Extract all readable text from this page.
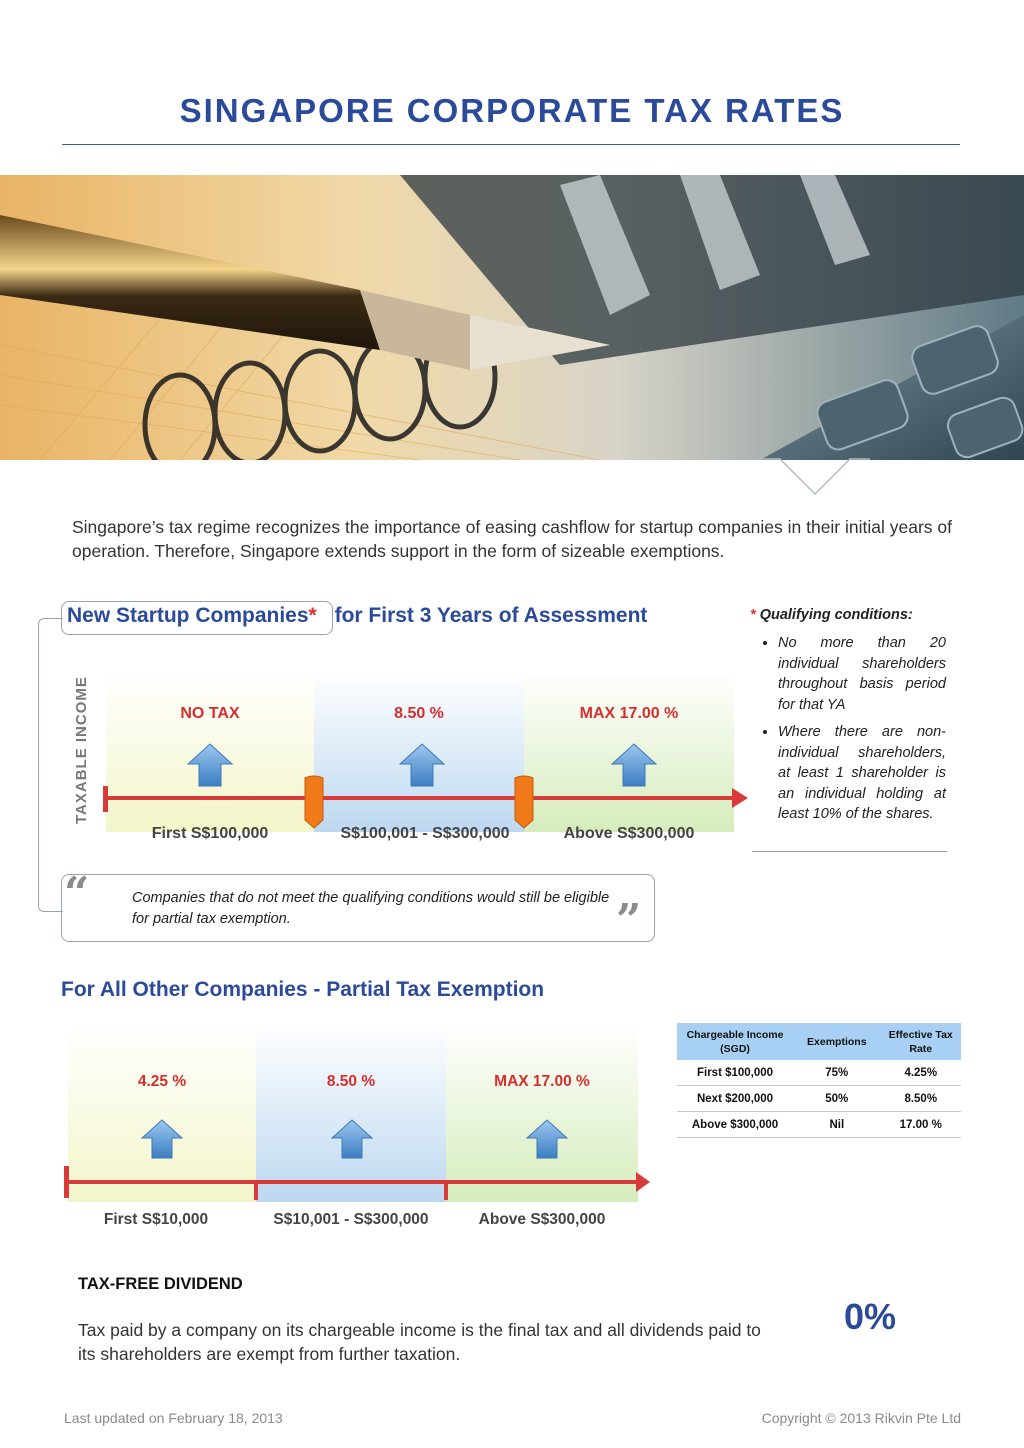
SINGAPORE CORPORATE TAX RATES
Singapore’s tax regime recognizes the importance of easing cashflow for startup companies in their initial years of operation. Therefore, Singapore extends support in the form of sizeable exemptions.
New Startup Companies* for First 3 Years of Assessment
TAXABLE INCOME	NO TAX	8.50 %	MAX 17.00 %
First S$100,000	S$100,001 - S$300,000	Above S$300,000
* Qualifying conditions:
• No more than 20 individual shareholders throughout basis period for that YA
• Where there are non-individual shareholders, at least 1 shareholder is an individual holding at least 10% of the shares.
“	Companies that do not meet the qualifying conditions would still be eligible for partial tax exemption.	”
For All Other Companies - Partial Tax Exemption
4.25 %	8.50 %	MAX 17.00 %
First S$10,000	S$10,001 - S$300,000	Above S$300,000
Chargeable Income (SGD)	Exemptions	Effective Tax Rate
First $100,000	75%	4.25%
Next $200,000	50%	8.50%
Above $300,000	Nil	17.00 %
TAX-FREE DIVIDEND
Tax paid by a company on its chargeable income is the final tax and all dividends paid to its shareholders are exempt from further taxation.
0%
Last updated on February 18, 2013	Copyright © 2013 Rikvin Pte Ltd
